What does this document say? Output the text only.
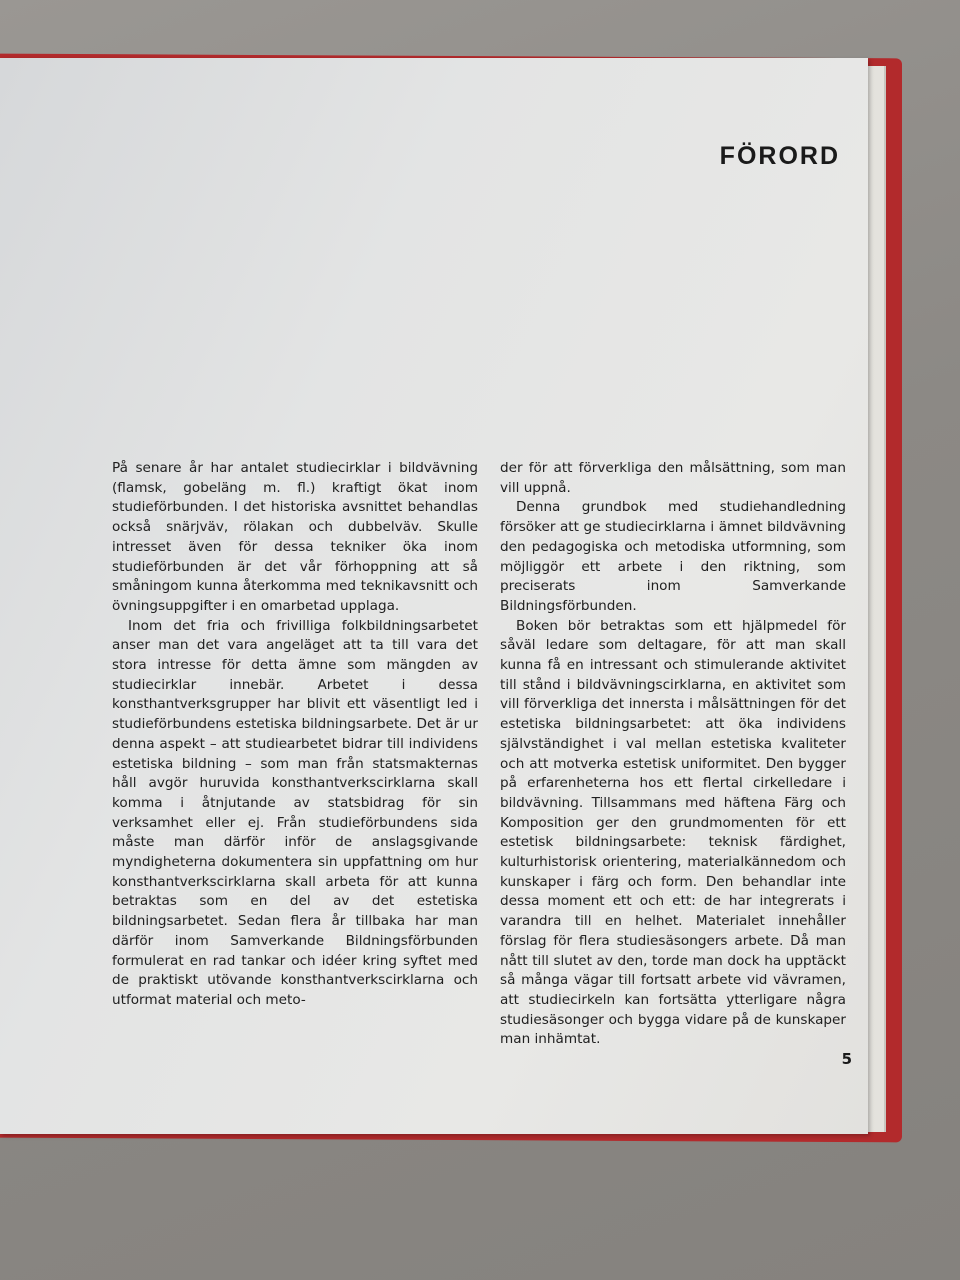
FÖRORD

På senare år har antalet studiecirklar i bildvävning (flamsk, gobeläng m. fl.) kraftigt ökat inom studieförbunden. I det historiska avsnittet behandlas också snärjväv, rölakan och dubbelväv. Skulle intresset även för dessa tekniker öka inom studieförbunden är det vår förhoppning att så småningom kunna återkomma med teknikavsnitt och övningsuppgifter i en omarbetad upplaga.

Inom det fria och frivilliga folkbildningsarbetet anser man det vara angeläget att ta till vara det stora intresse för detta ämne som mängden av studiecirklar innebär. Arbetet i dessa konsthantverksgrupper har blivit ett väsentligt led i studieförbundens estetiska bildningsarbete. Det är ur denna aspekt – att studiearbetet bidrar till individens estetiska bildning – som man från statsmakternas håll avgör huruvida konsthantverkscirklarna skall komma i åtnjutande av statsbidrag för sin verksamhet eller ej. Från studieförbundens sida måste man därför inför de anslagsgivande myndigheterna dokumentera sin uppfattning om hur konsthantverkscirklarna skall arbeta för att kunna betraktas som en del av det estetiska bildningsarbetet. Sedan flera år tillbaka har man därför inom Samverkande Bildningsförbunden formulerat en rad tankar och idéer kring syftet med de praktiskt utövande konsthantverkscirklarna och utformat material och meto-

der för att förverkliga den målsättning, som man vill uppnå.

Denna grundbok med studiehandledning försöker att ge studiecirklarna i ämnet bildvävning den pedagogiska och metodiska utformning, som möjliggör ett arbete i den riktning, som preciserats inom Samverkande Bildningsförbunden.

Boken bör betraktas som ett hjälpmedel för såväl ledare som deltagare, för att man skall kunna få en intressant och stimulerande aktivitet till stånd i bildvävningscirklarna, en aktivitet som vill förverkliga det innersta i målsättningen för det estetiska bildningsarbetet: att öka individens självständighet i val mellan estetiska kvaliteter och att motverka estetisk uniformitet. Den bygger på erfarenheterna hos ett flertal cirkelledare i bildvävning. Tillsammans med häftena Färg och Komposition ger den grundmomenten för ett estetisk bildningsarbete: teknisk färdighet, kulturhistorisk orientering, materialkännedom och kunskaper i färg och form. Den behandlar inte dessa moment ett och ett: de har integrerats i varandra till en helhet. Materialet innehåller förslag för flera studiesäsongers arbete. Då man nått till slutet av den, torde man dock ha upptäckt så många vägar till fortsatt arbete vid vävramen, att studiecirkeln kan fortsätta ytterligare några studiesäsonger och bygga vidare på de kunskaper man inhämtat.

5
